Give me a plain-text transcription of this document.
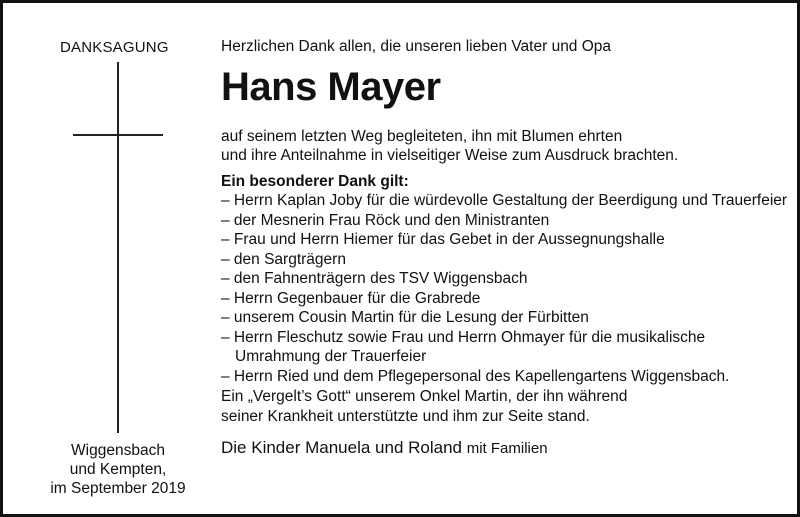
DANKSAGUNG
Wiggensbach
und Kempten,
im September 2019

Herzlichen Dank allen, die unseren lieben Vater und Opa

Hans Mayer
auf seinem letzten Weg begleiteten, ihn mit Blumen ehrten
und ihre Anteilnahme in vielseitiger Weise zum Ausdruck brachten.
Ein besonderer Dank gilt:
– Herrn Kaplan Joby für die würdevolle Gestaltung der Beerdigung und Trauerfeier
– der Mesnerin Frau Röck und den Ministranten
– Frau und Herrn Hiemer für das Gebet in der Aussegnungshalle
– den Sargträgern
– den Fahnenträgern des TSV Wiggensbach
– Herrn Gegenbauer für die Grabrede
– unserem Cousin Martin für die Lesung der Fürbitten
– Herrn Fleschutz sowie Frau und Herrn Ohmayer für die musikalische Umrahmung der Trauerfeier
– Herrn Ried und dem Pflegepersonal des Kapellengartens Wiggensbach.
Ein „Vergelt’s Gott“ unserem Onkel Martin, der ihn während
seiner Krankheit unterstützte und ihm zur Seite stand.
Die Kinder Manuela und Roland mit Familien
